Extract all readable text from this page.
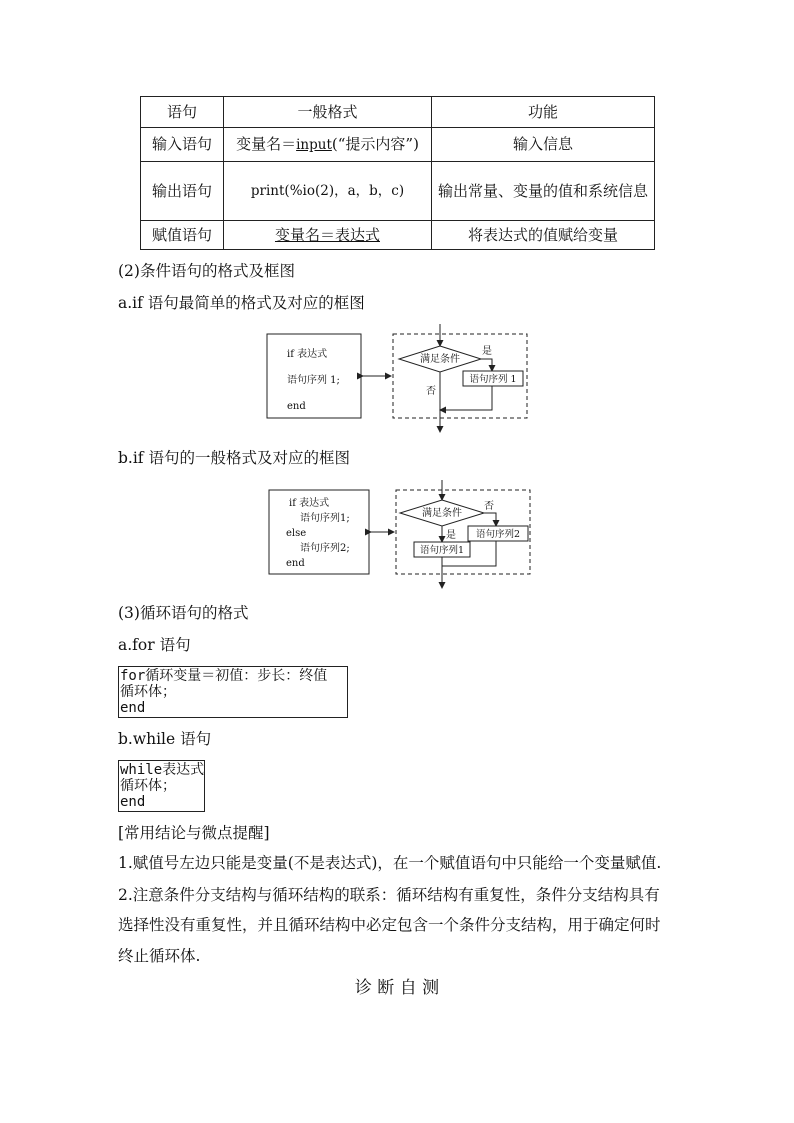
语句	一般格式	功能
输入语句	变量名＝input(“提示内容”)	输入信息
输出语句	print(%io(2)，a，b，c)	输出常量、变量的值和系统信息
赋值语句	变量名＝表达式	将表达式的值赋给变量
(2)条件语句的格式及框图
a.if 语句最简单的格式及对应的框图
if 表达式
语句序列 1;
end
满足条件
是
语句序列 1
否
b.if 语句的一般格式及对应的框图
if 表达式
语句序列1;
else
语句序列2;
end
满足条件
否
语句序列2
是
语句序列1
(3)循环语句的格式
a.for 语句
for循环变量＝初值：步长：终值
循环体；
end
b.while 语句
while表达式
循环体；
end
[常用结论与微点提醒]
1.赋值号左边只能是变量(不是表达式)，在一个赋值语句中只能给一个变量赋值.
2.注意条件分支结构与循环结构的联系：循环结构有重复性，条件分支结构具有
选择性没有重复性，并且循环结构中必定包含一个条件分支结构，用于确定何时
终止循环体.
诊 断 自 测
